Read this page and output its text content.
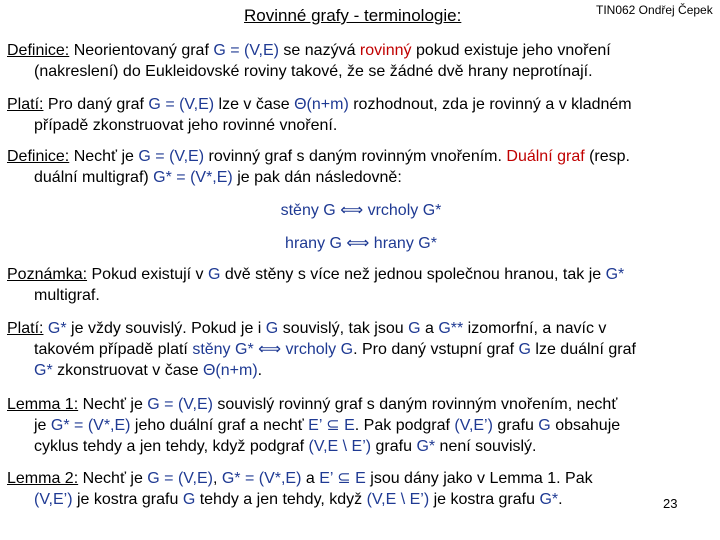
Rovinné grafy - terminologie:	TIN062 Ondřej Čepek
Definice: Neorientovaný graf G = (V,E) se nazývá rovinný pokud existuje jeho vnoření
(nakreslení) do Eukleidovské roviny takové, že se žádné dvě hrany neprotínají.
Platí: Pro daný graf G = (V,E) lze v čase Θ(n+m) rozhodnout, zda je rovinný a v kladném
případě zkonstruovat jeho rovinné vnoření.
Definice: Nechť je G = (V,E) rovinný graf s daným rovinným vnořením. Duální graf (resp.
duální multigraf) G* = (V*,E) je pak dán následovně:
stěny G ⟺ vrcholy G*
hrany G ⟺ hrany G*
Poznámka: Pokud existují v G dvě stěny s více než jednou společnou hranou, tak je G*
multigraf.
Platí: G* je vždy souvislý. Pokud je i G souvislý, tak jsou G a G** izomorfní, a navíc v
takovém případě platí stěny G* ⟺ vrcholy G. Pro daný vstupní graf G lze duální graf
G* zkonstruovat v čase Θ(n+m).
Lemma 1: Nechť je G = (V,E) souvislý rovinný graf s daným rovinným vnořením, nechť
je G* = (V*,E) jeho duální graf a nechť E’ ⊆ E. Pak podgraf (V,E’) grafu G obsahuje
cyklus tehdy a jen tehdy, když podgraf (V,E \ E’) grafu G* není souvislý.
Lemma 2: Nechť je G = (V,E), G* = (V*,E) a E’ ⊆ E jsou dány jako v Lemma 1. Pak
(V,E’) je kostra grafu G tehdy a jen tehdy, když (V,E \ E’) je kostra grafu G*.	23
